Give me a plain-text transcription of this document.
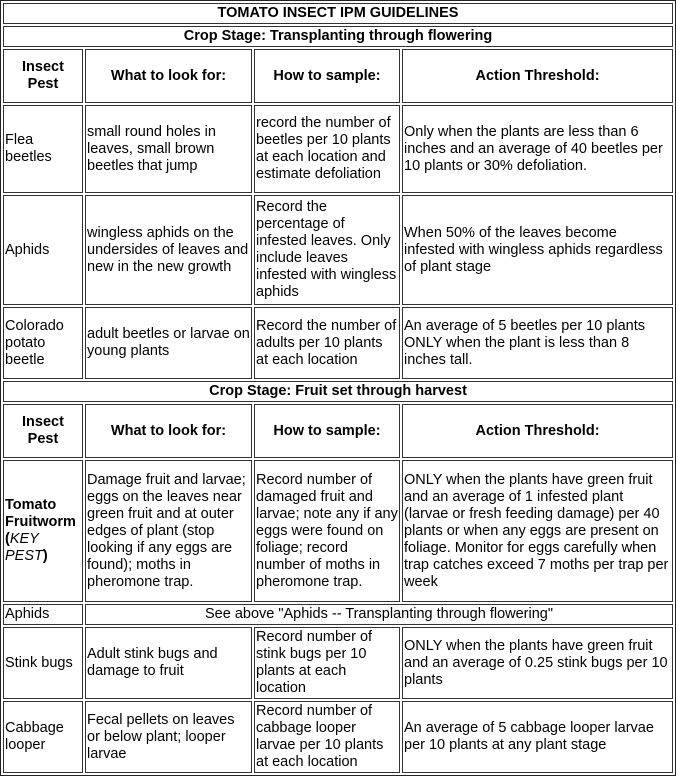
TOMATO INSECT IPM GUIDELINES			
Crop Stage: Transplanting through flowering			
Insect
Pest	What to look for:	How to sample:	Action Threshold:
Flea beetles	small round holes in leaves, small brown beetles that jump	record the number of beetles per 10 plants at each location and estimate defoliation	Only when the plants are less than 6 inches and an average of 40 beetles per 10 plants or 30% defoliation.
Aphids	wingless aphids on the undersides of leaves and new in the new growth	Record the percentage of infested leaves. Only include leaves infested with wingless aphids	When 50% of the leaves become infested with wingless aphids regardless of plant stage
Colorado potato beetle	adult beetles or larvae on young plants	Record the number of adults per 10 plants at each location	An average of 5 beetles per 10 plants ONLY when the plant is less than 8 inches tall.
Crop Stage: Fruit set through harvest			
Insect
Pest	What to look for:	How to sample:	Action Threshold:
Tomato Fruitworm
(KEY PEST)	Damage fruit and larvae; eggs on the leaves near green fruit and at outer edges of plant (stop looking if any eggs are found); moths in pheromone trap.	Record number of damaged fruit and larvae; note any if any eggs were found on foliage; record number of moths in pheromone trap.	ONLY when the plants have green fruit and an average of 1 infested plant (larvae or fresh feeding damage) per 40 plants or when any eggs are present on foliage. Monitor for eggs carefully when trap catches exceed 7 moths per trap per week
Aphids	See above "Aphids -- Transplanting through flowering"		
Stink bugs	Adult stink bugs and damage to fruit	Record number of stink bugs per 10 plants at each location	ONLY when the plants have green fruit and an average of 0.25 stink bugs per 10 plants
Cabbage looper	Fecal pellets on leaves or below plant; looper larvae	Record number of cabbage looper larvae per 10 plants at each location	An average of 5 cabbage looper larvae per 10 plants at any plant stage
